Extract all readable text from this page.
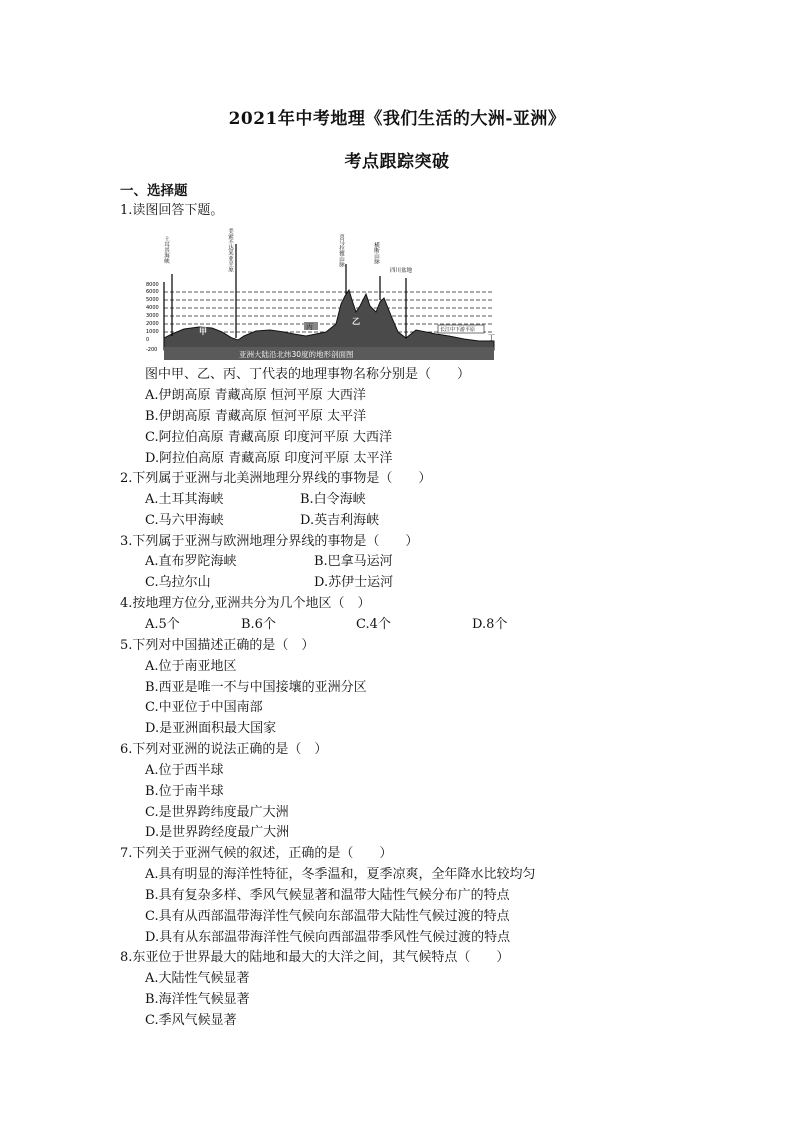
2021年中考地理《我们生活的大洲-亚洲》
考点跟踪突破
一、选择题
1.读图回答下题。
8000
6000
5000
4000
3000
2000
1000
0
-200
土耳其海峡	美索不达米亚平原	喜马拉雅山脉	横断山脉
四川盆地
甲
乙
丙	长江中下游平原
丁
亚洲大陆沿北纬30度的地形剖面图
图中甲、乙、丙、丁代表的地理事物名称分别是（　　）
A.伊朗高原 青藏高原 恒河平原 大西洋
B.伊朗高原 青藏高原 恒河平原 太平洋
C.阿拉伯高原 青藏高原 印度河平原 大西洋
D.阿拉伯高原 青藏高原 印度河平原 太平洋
2.下列属于亚洲与北美洲地理分界线的事物是（　　）
A.土耳其海峡	B.白令海峡
C.马六甲海峡	D.英吉利海峡
3.下列属于亚洲与欧洲地理分界线的事物是（　　）
A.直布罗陀海峡	B.巴拿马运河
C.乌拉尔山	D.苏伊士运河
4.按地理方位分,亚洲共分为几个地区（　）
A.5个	B.6个	C.4个	D.8个
5.下列对中国描述正确的是（　）
A.位于南亚地区
B.西亚是唯一不与中国接壤的亚洲分区
C.中亚位于中国南部
D.是亚洲面积最大国家
6.下列对亚洲的说法正确的是（　）
A.位于西半球
B.位于南半球
C.是世界跨纬度最广大洲
D.是世界跨经度最广大洲
7.下列关于亚洲气候的叙述，正确的是（　　）
A.具有明显的海洋性特征，冬季温和，夏季凉爽，全年降水比较均匀
B.具有复杂多样、季风气候显著和温带大陆性气候分布广的特点
C.具有从西部温带海洋性气候向东部温带大陆性气候过渡的特点
D.具有从东部温带海洋性气候向西部温带季风性气候过渡的特点
8.东亚位于世界最大的陆地和最大的大洋之间，其气候特点（　　）
A.大陆性气候显著
B.海洋性气候显著
C.季风气候显著
